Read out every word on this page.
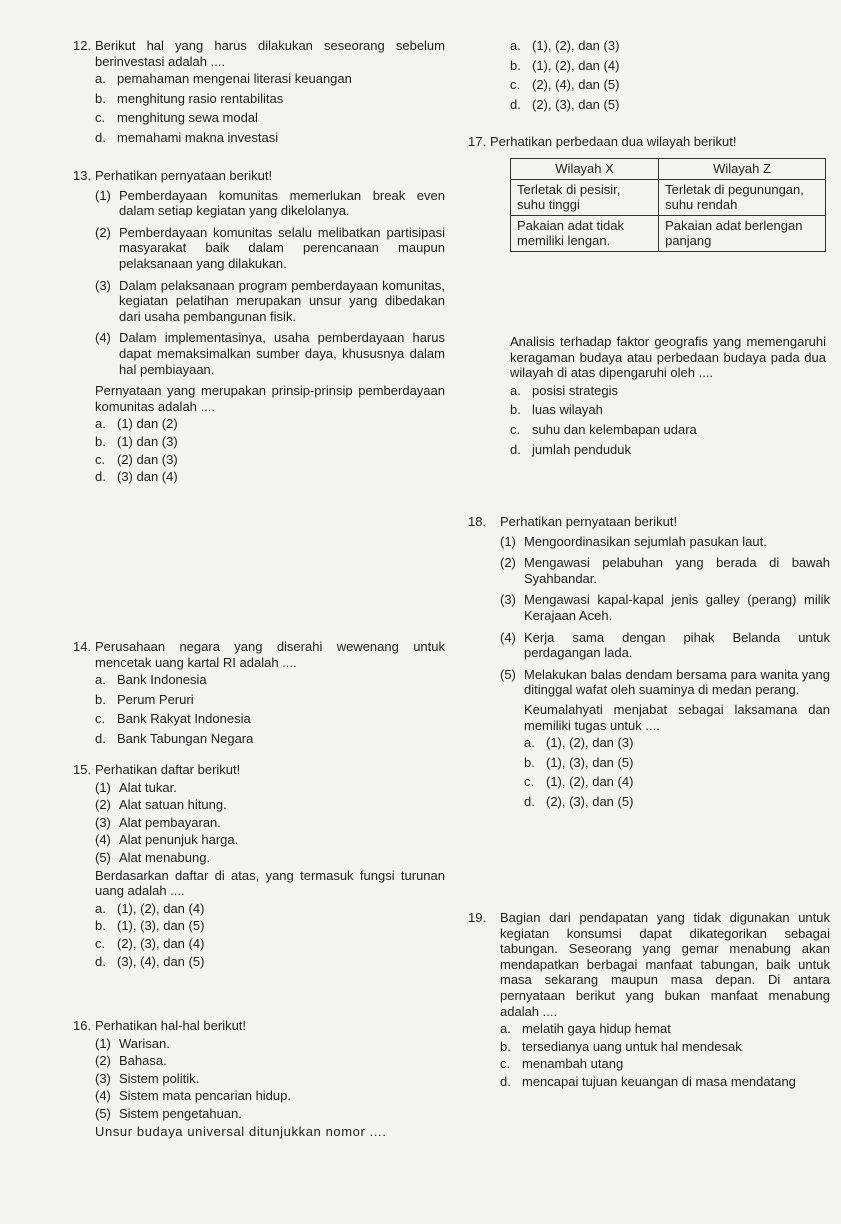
12. Berikut hal yang harus dilakukan seseorang sebelum berinvestasi adalah ....
a. pemahaman mengenai literasi keuangan
b. menghitung rasio rentabilitas
c. menghitung sewa modal
d. memahami makna investasi
13. Perhatikan pernyataan berikut!
(1) Pemberdayaan komunitas memerlukan break even dalam setiap kegiatan yang dikelolanya.
(2) Pemberdayaan komunitas selalu melibatkan partisipasi masyarakat baik dalam perencanaan maupun pelaksanaan yang dilakukan.
(3) Dalam pelaksanaan program pemberdayaan komunitas, kegiatan pelatihan merupakan unsur yang dibedakan dari usaha pembangunan fisik.
(4) Dalam implementasinya, usaha pemberdayaan harus dapat memaksimalkan sumber daya, khususnya dalam hal pembiayaan.
Pernyataan yang merupakan prinsip-prinsip pemberdayaan komunitas adalah ....
a. (1) dan (2)
b. (1) dan (3)
c. (2) dan (3)
d. (3) dan (4)
14. Perusahaan negara yang diserahi wewenang untuk mencetak uang kartal RI adalah ....
a. Bank Indonesia
b. Perum Peruri
c. Bank Rakyat Indonesia
d. Bank Tabungan Negara
15. Perhatikan daftar berikut!
(1) Alat tukar.
(2) Alat satuan hitung.
(3) Alat pembayaran.
(4) Alat penunjuk harga.
(5) Alat menabung.
Berdasarkan daftar di atas, yang termasuk fungsi turunan uang adalah ....
a. (1), (2), dan (4)
b. (1), (3), dan (5)
c. (2), (3), dan (4)
d. (3), (4), dan (5)
16. Perhatikan hal-hal berikut!
(1) Warisan.
(2) Bahasa.
(3) Sistem politik.
(4) Sistem mata pencarian hidup.
(5) Sistem pengetahuan.
Unsur budaya universal ditunjukkan nomor ....
a. (1), (2), dan (3)
b. (1), (2), dan (4)
c. (2), (4), dan (5)
d. (2), (3), dan (5)
17. Perhatikan perbedaan dua wilayah berikut!
Wilayah X	Wilayah Z
Terletak di pesisir, suhu tinggi	Terletak di pegunungan, suhu rendah
Pakaian adat tidak memiliki lengan.	Pakaian adat berlengan panjang
Analisis terhadap faktor geografis yang memengaruhi keragaman budaya atau perbedaan budaya pada dua wilayah di atas dipengaruhi oleh ....
a. posisi strategis
b. luas wilayah
c. suhu dan kelembapan udara
d. jumlah penduduk
18.	Perhatikan pernyataan berikut!
(1) Mengoordinasikan sejumlah pasukan laut.
(2) Mengawasi pelabuhan yang berada di bawah Syahbandar.
(3) Mengawasi kapal-kapal jenis galley (perang) milik Kerajaan Aceh.
(4) Kerja sama dengan pihak Belanda untuk perdagangan lada.
(5) Melakukan balas dendam bersama para wanita yang ditinggal wafat oleh suaminya di medan perang.
Keumalahyati menjabat sebagai laksamana dan memiliki tugas untuk ....
a. (1), (2), dan (3)
b. (1), (3), dan (5)
c. (1), (2), dan (4)
d. (2), (3), dan (5)
19.	Bagian dari pendapatan yang tidak digunakan untuk kegiatan konsumsi dapat dikategorikan sebagai tabungan. Seseorang yang gemar menabung akan mendapatkan berbagai manfaat tabungan, baik untuk masa sekarang maupun masa depan. Di antara pernyataan berikut yang bukan manfaat menabung adalah ....
a. melatih gaya hidup hemat
b. tersedianya uang untuk hal mendesak
c. menambah utang
d. mencapai tujuan keuangan di masa mendatang
